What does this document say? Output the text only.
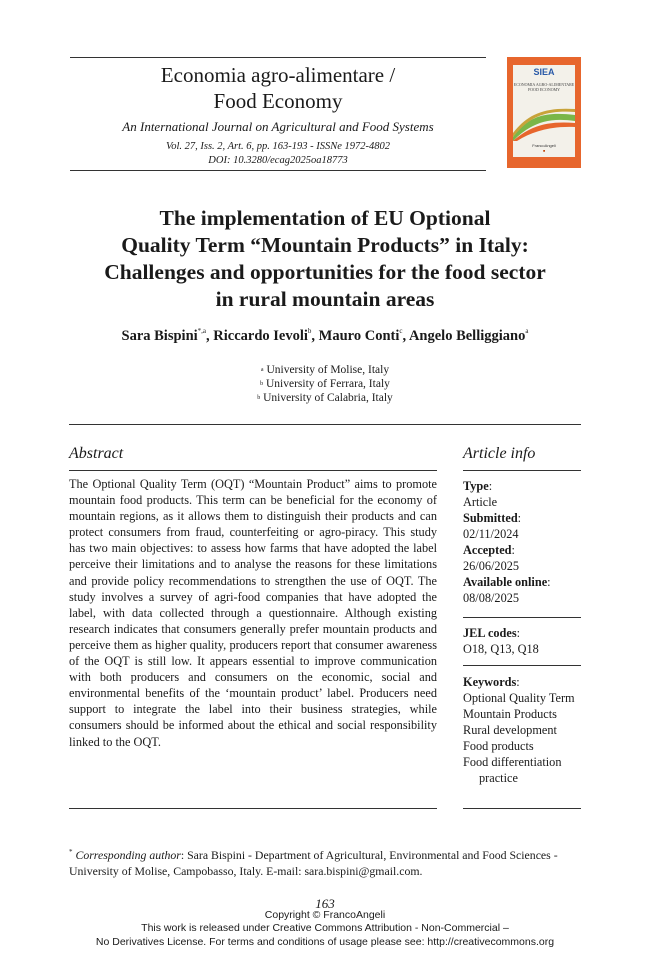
Economia agro-alimentare /
Food Economy
An International Journal on Agricultural and Food Systems
Vol. 27, Iss. 2, Art. 6, pp. 163-193 - ISSNe 1972-4802
DOI: 10.3280/ecag2025oa18773
SIEA
ECONOMIA AGRO-ALIMENTARE FOOD ECONOMY
FrancoAngeli
■
The implementation of EU Optional
Quality Term “Mountain Products” in Italy:
Challenges and opportunities for the food sector
in rural mountain areas
Sara Bispini$^{*,a}$, Riccardo Ievoli$^b$, Mauro Conti$^c$, Angelo Belliggiano$^a$
$^a$ University of Molise, Italy
$^b$ University of Ferrara, Italy
$^b$ University of Calabria, Italy
Abstract
The Optional Quality Term (OQT) “Mountain Product” aims to promote mountain food products. This term can be beneficial for the economy of mountain regions, as it allows them to distinguish their products and can protect consumers from fraud, counterfeiting or agro-piracy. This study has two main objectives: to assess how farms that have adopted the label perceive their limitations and to analyse the reasons for these limitations and provide policy recommendations to strengthen the use of OQT. The study involves a survey of agri-food companies that have adopted the label, with data collected through a questionnaire. Although existing research indicates that consumers generally prefer mountain products and perceive them as higher quality, producers report that consumer awareness of the OQT is still low. It appears essential to improve communication with both producers and consumers on the economic, social and environmental benefits of the ‘mountain product’ label. Producers need support to integrate the label into their business strategies, while consumers should be informed about the ethical and social responsibility linked to the OQT.
Article info
Type:
Article
Submitted:
02/11/2024
Accepted:
26/06/2025
Available online:
08/08/2025
JEL codes:
O18, Q13, Q18
Keywords:
Optional Quality Term
Mountain Products
Rural development
Food products
Food differentiation practice
* Corresponding author: Sara Bispini - Department of Agricultural, Environmental and Food Sciences - University of Molise, Campobasso, Italy. E-mail: sara.bispini@gmail.com.
163
Copyright © FrancoAngeli
This work is released under Creative Commons Attribution - Non-Commercial –
No Derivatives License. For terms and conditions of usage please see: http://creativecommons.org
